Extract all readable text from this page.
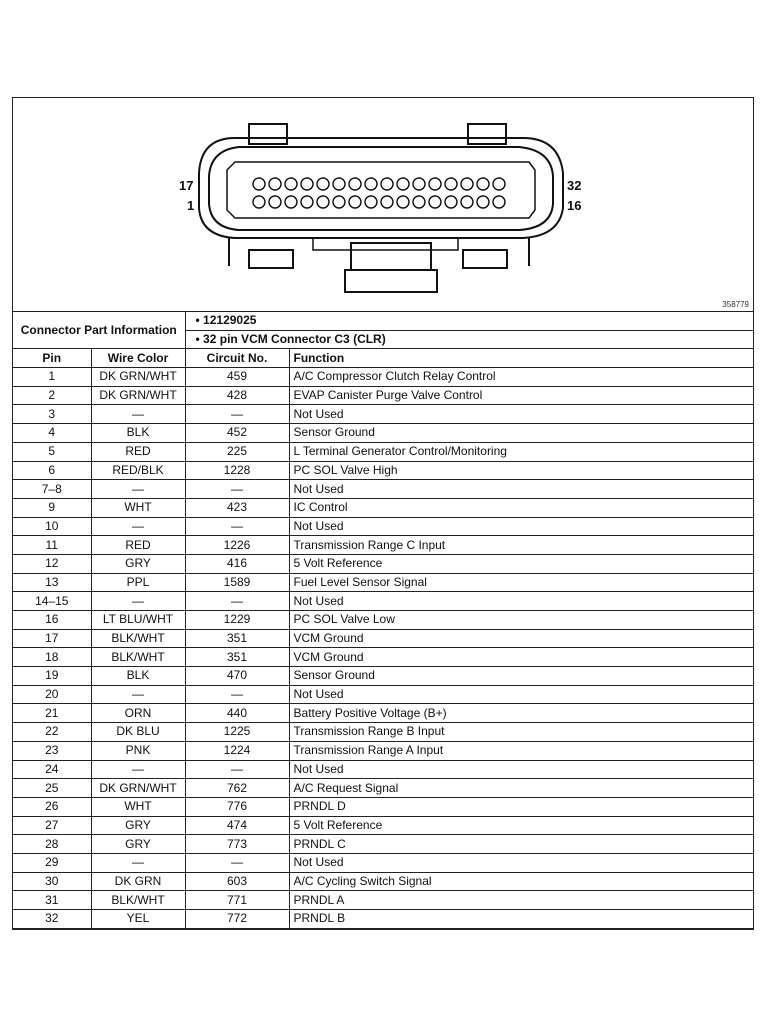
17
1
32
16
358779
Connector Part Information		• 12129025	
		• 32 pin VCM Connector C3 (CLR)	
Pin	Wire Color	Circuit No.	Function
1	DK GRN/WHT	459	A/C Compressor Clutch Relay Control
2	DK GRN/WHT	428	EVAP Canister Purge Valve Control
3	—	—	Not Used
4	BLK	452	Sensor Ground
5	RED	225	L Terminal Generator Control/Monitoring
6	RED/BLK	1228	PC SOL Valve High
7–8	—	—	Not Used
9	WHT	423	IC Control
10	—	—	Not Used
11	RED	1226	Transmission Range C Input
12	GRY	416	5 Volt Reference
13	PPL	1589	Fuel Level Sensor Signal
14–15	—	—	Not Used
16	LT BLU/WHT	1229	PC SOL Valve Low
17	BLK/WHT	351	VCM Ground
18	BLK/WHT	351	VCM Ground
19	BLK	470	Sensor Ground
20	—	—	Not Used
21	ORN	440	Battery Positive Voltage (B+)
22	DK BLU	1225	Transmission Range B Input
23	PNK	1224	Transmission Range A Input
24	—	—	Not Used
25	DK GRN/WHT	762	A/C Request Signal
26	WHT	776	PRNDL D
27	GRY	474	5 Volt Reference
28	GRY	773	PRNDL C
29	—	—	Not Used
30	DK GRN	603	A/C Cycling Switch Signal
31	BLK/WHT	771	PRNDL A
32	YEL	772	PRNDL B
